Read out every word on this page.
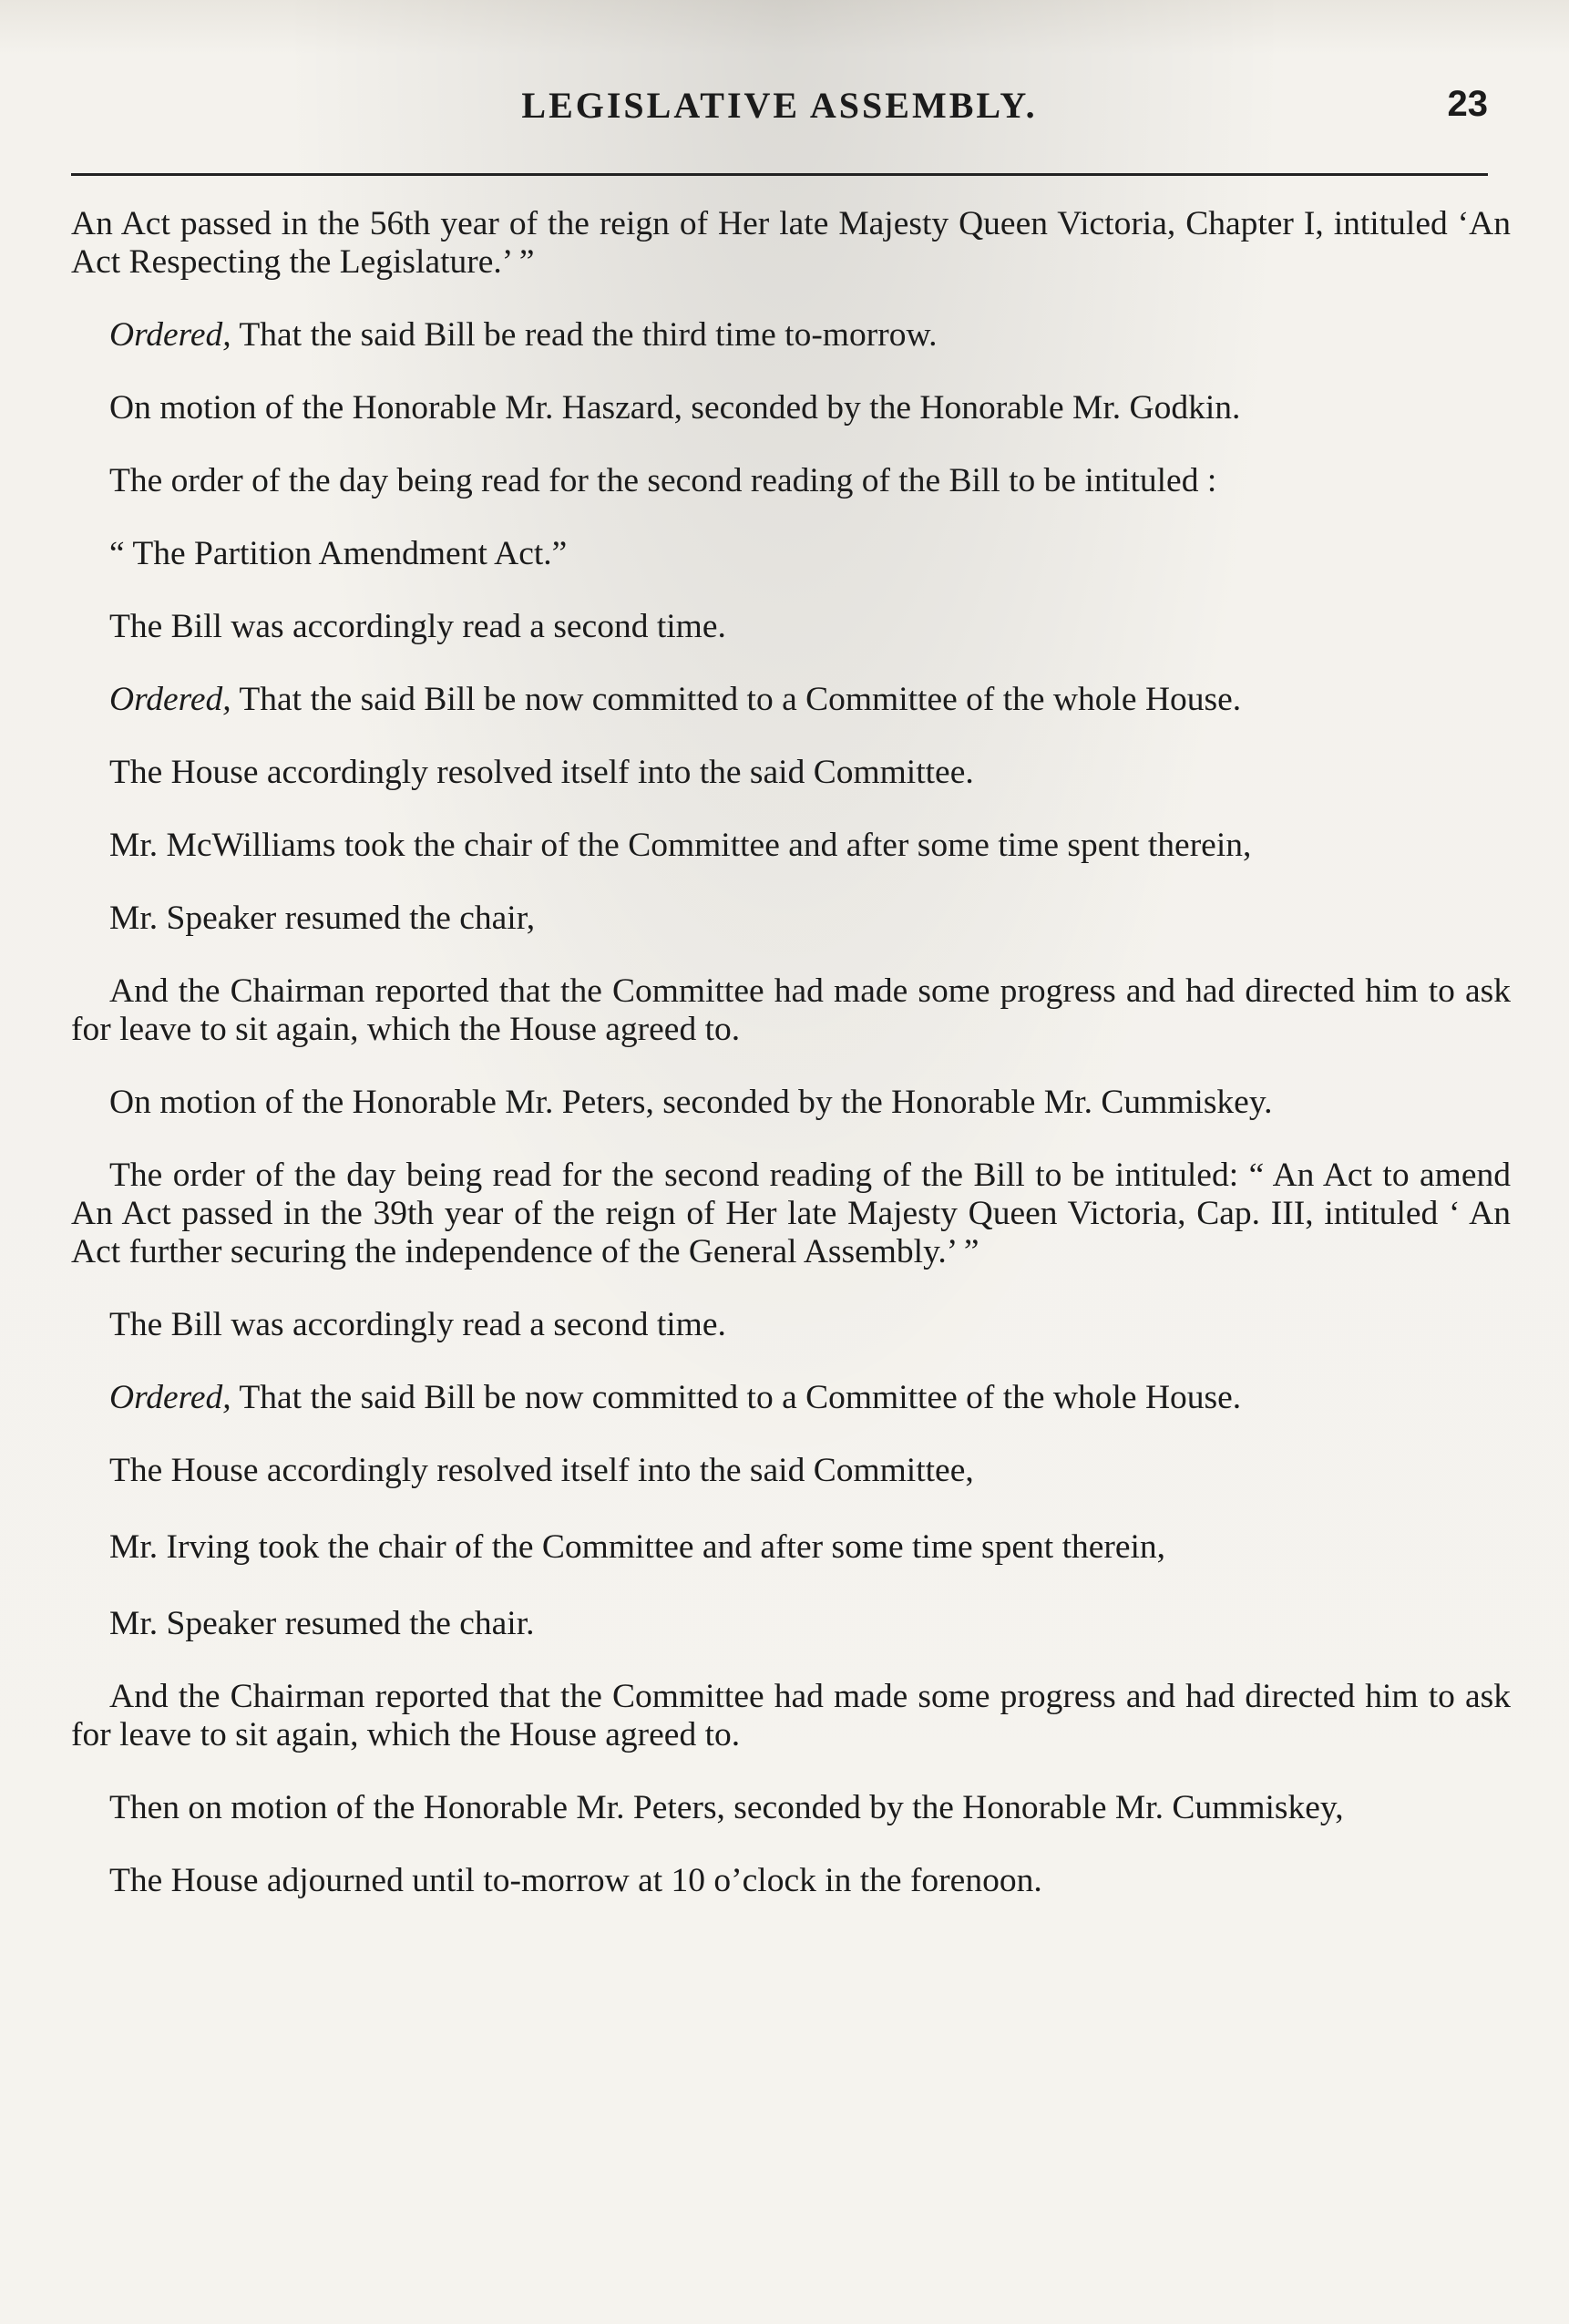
LEGISLATIVE ASSEMBLY.	23

An Act passed in the 56th year of the reign of Her late Majesty Queen Victoria, Chapter I, intituled ‘An Act Respecting the Legislature.’ ”

Ordered, That the said Bill be read the third time to-morrow.

On motion of the Honorable Mr. Haszard, seconded by the Honorable Mr. Godkin.

The order of the day being read for the second reading of the Bill to be intituled :

“ The Partition Amendment Act.”

The Bill was accordingly read a second time.

Ordered, That the said Bill be now committed to a Committee of the whole House.

The House accordingly resolved itself into the said Committee.

Mr. McWilliams took the chair of the Committee and after some time spent therein,

Mr. Speaker resumed the chair,

And the Chairman reported that the Committee had made some progress and had directed him to ask for leave to sit again, which the House agreed to.

On motion of the Honorable Mr. Peters, seconded by the Honorable Mr. Cummiskey.

The order of the day being read for the second reading of the Bill to be intituled: “ An Act to amend An Act passed in the 39th year of the reign of Her late Majesty Queen Victoria, Cap. III, intituled ‘ An Act further securing the independence of the General Assembly.’ ”

The Bill was accordingly read a second time.

Ordered, That the said Bill be now committed to a Committee of the whole House.

The House accordingly resolved itself into the said Committee,

Mr. Irving took the chair of the Committee and after some time spent therein,

Mr. Speaker resumed the chair.

And the Chairman reported that the Committee had made some progress and had directed him to ask for leave to sit again, which the House agreed to.

Then on motion of the Honorable Mr. Peters, seconded by the Honorable Mr. Cummiskey,

The House adjourned until to-morrow at 10 o’clock in the forenoon.
